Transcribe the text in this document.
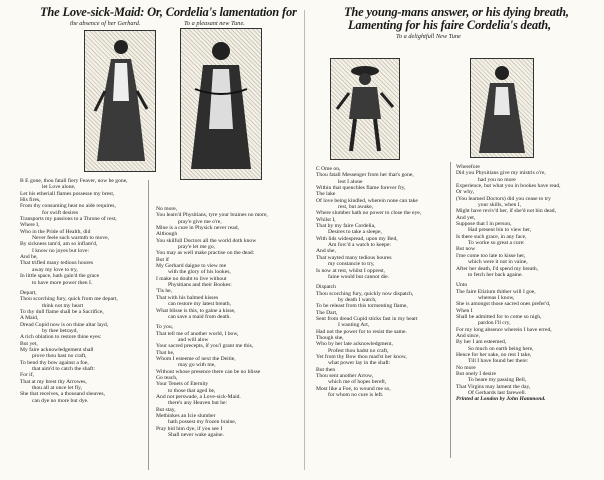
The Love-sick-Maid: Or, Cordelia's lamentation for
the absence of her Gerhard.	To a pleasant new Tune.
B E gone, thou fatall fiery Feaver, now be gone,
let Love alone,
Let his etheriall flames possesse my brest,
His fires,
From thy consuming heat no aide requires,
for swift desires
Transports my passions to a Throne of rest,
Where I,
Who in the Pride of Health, did
Never feele such warmth to move,
By sickness tam'd, am so inflam'd,
I know no joyes but love:
And he,
That trifled many tedious houres
away my love to try,
In little space, hath gain'd the grace
to have more power then I.
Depart,
Thou scorching fury, quick from me depart,
think not my heart
To thy dull flame shall be a Sacrifice,
A Maid,
Dread Cupid now is on thine altar layd,
by thee betrayd,
A rich oblation to restore thine eyes:
But yet,
My faire acknowledgement shall
prove thou hast no craft,
To bend thy bow against a foe,
that aim'd to catch the shaft:
For if,
That at my brest thy Arrowes,
thou all at once let fly,
She that receives, a thousand sheaves,
can dye no more but dye.
No more,
You learn'd Physitians, tyre your braines no more,
pray'e give me o're,
Mine is a cure in Physick never read,
Although
You skilfull Doctors all the world doth know
pray'e let me go,
You may as well make practise on the dead:
But if
My Gerhard daigne to view me
with the glory of his lookes,
I make no doubt to live without
Physitians and their Bookes:
'Tis he,
That with his balmed kisses
can restore my latest breath,
What blisse is this, to gaine a kisse,
can save a maid from death.
To you,
That tell me of another world, I bow,
and will alow
Your sacred precepts, if you'l grant me this,
That he,
Whom I esteeme of next the Deitie,
may go with me,
Without whose presence there can be no blisse
Go teach,
Your Tenets of Eternity
to those that aged be,
And not perswade, a Love-sick-Maid.
there's any Heaven but he:
But stay,
Methinkes an Icie slumber
hath possest my frozen braine,
Pray bid him dye, if you see I
Shall never wake againe.
The young-mans answer, or his dying breath,
Lamenting for his faire Cordelia's death,
To a delightfull New Tune
C Ome on,
Thou fatall Messenger from her that's gone,
lest I alone
Within that quenchles flame forever fry,
The lake
Of love being kindled, wherein none can take
rest, but awake,
Where slumber hath no power to close the eye,
Whilst I,
That by my faire Cordelia,
Desires to take a sleepe,
With lids widespread, upon my Bed,
Am forc'd a watch to keepe:
And she,
That wayted many tedious houres
my constancie to try,
Is now at rest, whilst I opprest,
faine would but cannot die.
Dispatch
Thou scorching fury, quickly now dispatch,
by death I watch,
To be releast from this tormenting flame,
The Dart,
Sent from dread Cupid sticks fast in my heart
I wanting Art,
Had not the power for to resist the same.
Though she,
Who by her late acknowledgment,
Profest thou hadst no craft,
Yet from thy Bow thou mad'st her know,
what power lay in the shaft:
But then
Thou sent another Arrow,
which me of hopes bereft,
Most like a Foe, to wound me so,
for whom no cure is left.
Wherefore
Did you Physitians give my mistris o're,
had you no more
Experience, but what you in bookes have read,
Or why,
(You learned Doctors) did you cease to try
your skills, when I,
Might have reviv'd her, if she'd not bin dead,
And yet,
Suppose that I in person,
Had present bin to view her,
Is there such grace, in any face,
To worke so great a cure:
But now
I'me come too late to kisse her,
which were it not in vaine,
After her death, I'd spend my breath,
to fetch her back againe.
Unto
The faire Elizium thither will I goe,
whereas I know,
She is amongst those sacred ones prefer'd,
When I
Shall be admitted for to come so nigh,
pardon I'll cry,
For my long absence wherein I have erred,
And since,
By her I am esteemed,
So much on earth being here,
Hence for her sake, no rest I take,
Till I have found her there:
No more
But onely I desire
To heare my passing Bell,
That Virgins may lament the day,
Of Gerhards last farewell.
Printed at London by John Hammond.
